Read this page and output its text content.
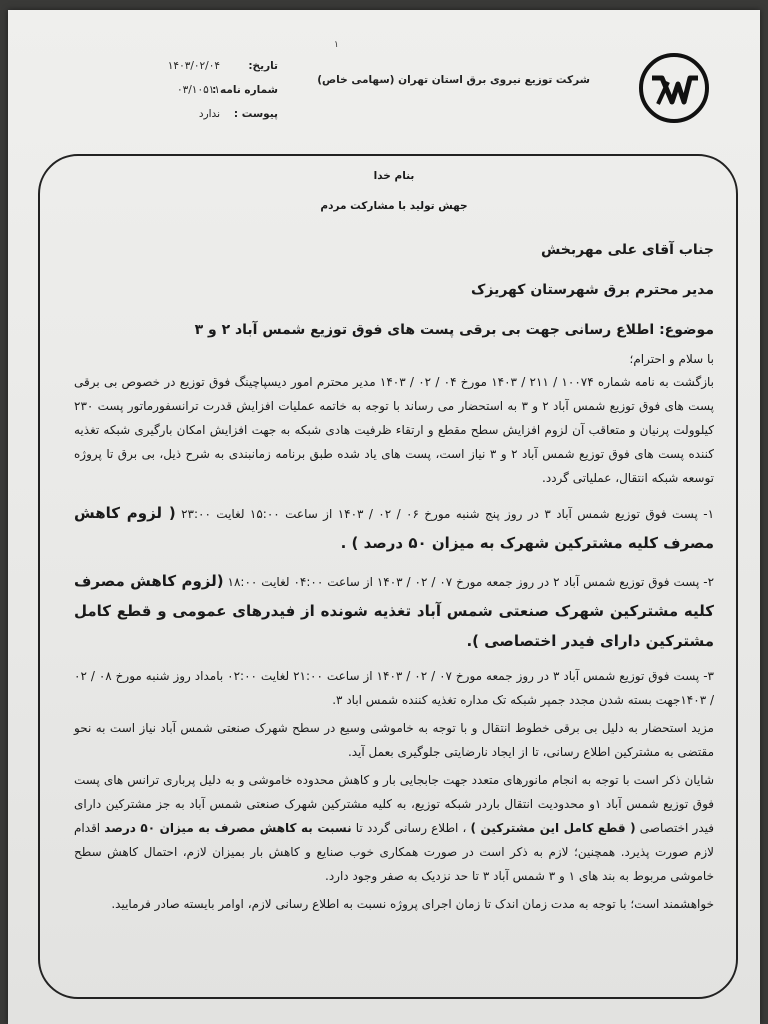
۱
شرکت توزیع نیروی برق استان تهران (سهامی خاص)
تاریخ:
۱۴۰۳/۰۲/۰۴
شماره نامه :
۰۳/۱۰۵۱۱
پیوست :
ندارد
بنام خدا
جهش تولید با مشارکت مردم
جناب آقای علی مهربخش
مدیر محترم برق شهرستان کهریزک
موضوع: اطلاع رسانی جهت بی برقی پست های فوق توزیع شمس آباد ۲ و ۳
با سلام و احترام؛

بازگشت به نامه شماره ۱۰۰۷۴ / ۲۱۱ / ۱۴۰۳ مورخ ۰۴ / ۰۲ / ۱۴۰۳ مدیر محترم امور دیسپاچینگ فوق توزیع در خصوص بی برقی پست های فوق توزیع شمس آباد ۲ و ۳ به استحضار می رساند با توجه به خاتمه عملیات افزایش قدرت ترانسفورماتور پست ۲۳۰ کیلوولت پرنیان و متعاقب آن لزوم افزایش سطح مقطع و ارتقاء ظرفیت هادی شبکه به جهت افزایش امکان بارگیری شبکه تغذیه کننده پست های فوق توزیع شمس آباد ۲ و ۳ نیاز است، پست های یاد شده طبق برنامه زمانبندی به شرح ذیل، بی برق تا پروژه توسعه شبکه انتقال، عملیاتی گردد.

۱- پست فوق توزیع شمس آباد ۳ در روز پنج شنبه مورخ ۰۶ / ۰۲ / ۱۴۰۳ از ساعت ۱۵:۰۰ لغایت ۲۳:۰۰ ( لزوم کاهش مصرف کلیه مشترکین شهرک به میزان ۵۰ درصد ) .

۲- پست فوق توزیع شمس آباد ۲ در روز جمعه مورخ ۰۷ / ۰۲ / ۱۴۰۳ از ساعت ۰۴:۰۰ لغایت ۱۸:۰۰ (لزوم کاهش مصرف کلیه مشترکین شهرک صنعتی شمس آباد تغذیه شونده از فیدرهای عمومی و قطع کامل مشترکین دارای فیدر اختصاصی ).

۳- پست فوق توزیع شمس آباد ۳ در روز جمعه مورخ ۰۷ / ۰۲ / ۱۴۰۳ از ساعت ۲۱:۰۰ لغایت ۰۲:۰۰ بامداد روز شنبه مورخ ۰۸ / ۰۲ / ۱۴۰۳جهت بسته شدن مجدد جمپر شبکه تک مداره تغذیه کننده شمس اباد ۳.

مزید استحضار به دلیل بی برقی خطوط انتقال و با توجه به خاموشی وسیع در سطح شهرک صنعتی شمس آباد نیاز است به نحو مقتضی به مشترکین اطلاع رسانی، تا از ایجاد نارضایتی جلوگیری بعمل آید.

شایان ذکر است با توجه به انجام مانورهای متعدد جهت جابجایی بار و کاهش محدوده خاموشی و به دلیل پرباری ترانس های پست فوق توزیع شمس آباد ۱و محدودیت انتقال باردر شبکه توزیع، به کلیه مشترکین شهرک صنعتی شمس آباد به جز مشترکین دارای فیدر اختصاصی ( قطع کامل این مشترکین ) ، اطلاع رسانی گردد تا نسبت به کاهش مصرف به میزان ۵۰ درصد اقدام لازم صورت پذیرد. همچنین؛ لازم به ذکر است در صورت همکاری خوب صنایع و کاهش بار بمیزان لازم، احتمال کاهش سطح خاموشی مربوط به بند های ۱ و ۳ شمس آباد ۳ تا حد نزدیک به صفر وجود دارد.

خواهشمند است؛ با توجه به مدت زمان اندک تا زمان اجرای پروژه نسبت به اطلاع رسانی لازم، اوامر بایسته صادر فرمایید.
